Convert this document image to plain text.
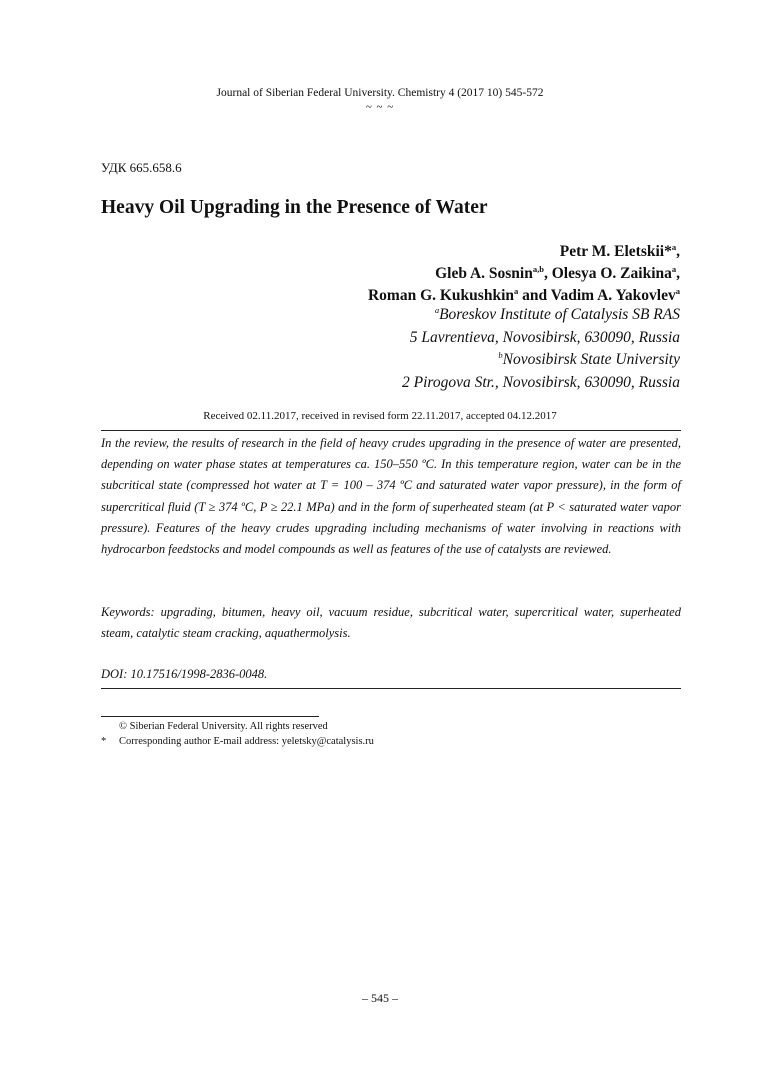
Journal of Siberian Federal University. Chemistry 4 (2017 10) 545-572
~ ~ ~
УДК 665.658.6
Heavy Oil Upgrading in the Presence of Water
Petr M. Eletskii*$^a$,
Gleb A. Sosnin$^{a,b}$, Olesya O. Zaikina$^a$,
Roman G. Kukushkin$^a$ and Vadim A. Yakovlev$^a$
$^a$Boreskov Institute of Catalysis SB RAS
5 Lavrentieva, Novosibirsk, 630090, Russia
$^b$Novosibirsk State University
2 Pirogova Str., Novosibirsk, 630090, Russia
Received 02.11.2017, received in revised form 22.11.2017, accepted 04.12.2017

In the review, the results of research in the field of heavy crudes upgrading in the presence of water are presented, depending on water phase states at temperatures ca. 150–550 ºC. In this temperature region, water can be in the subcritical state (compressed hot water at T = 100 – 374 ºC and saturated water vapor pressure), in the form of supercritical fluid (T ≥ 374 ºC, P ≥ 22.1 MPa) and in the form of superheated steam (at P < saturated water vapor pressure). Features of the heavy crudes upgrading including mechanisms of water involving in reactions with hydrocarbon feedstocks and model compounds as well as features of the use of catalysts are reviewed.

Keywords: upgrading, bitumen, heavy oil, vacuum residue, subcritical water, supercritical water, superheated steam, catalytic steam cracking, aquathermolysis.

DOI: 10.17516/1998-2836-0048.
© Siberian Federal University. All rights reserved
*	Corresponding author E-mail address: yeletsky@catalysis.ru
– 545 –
